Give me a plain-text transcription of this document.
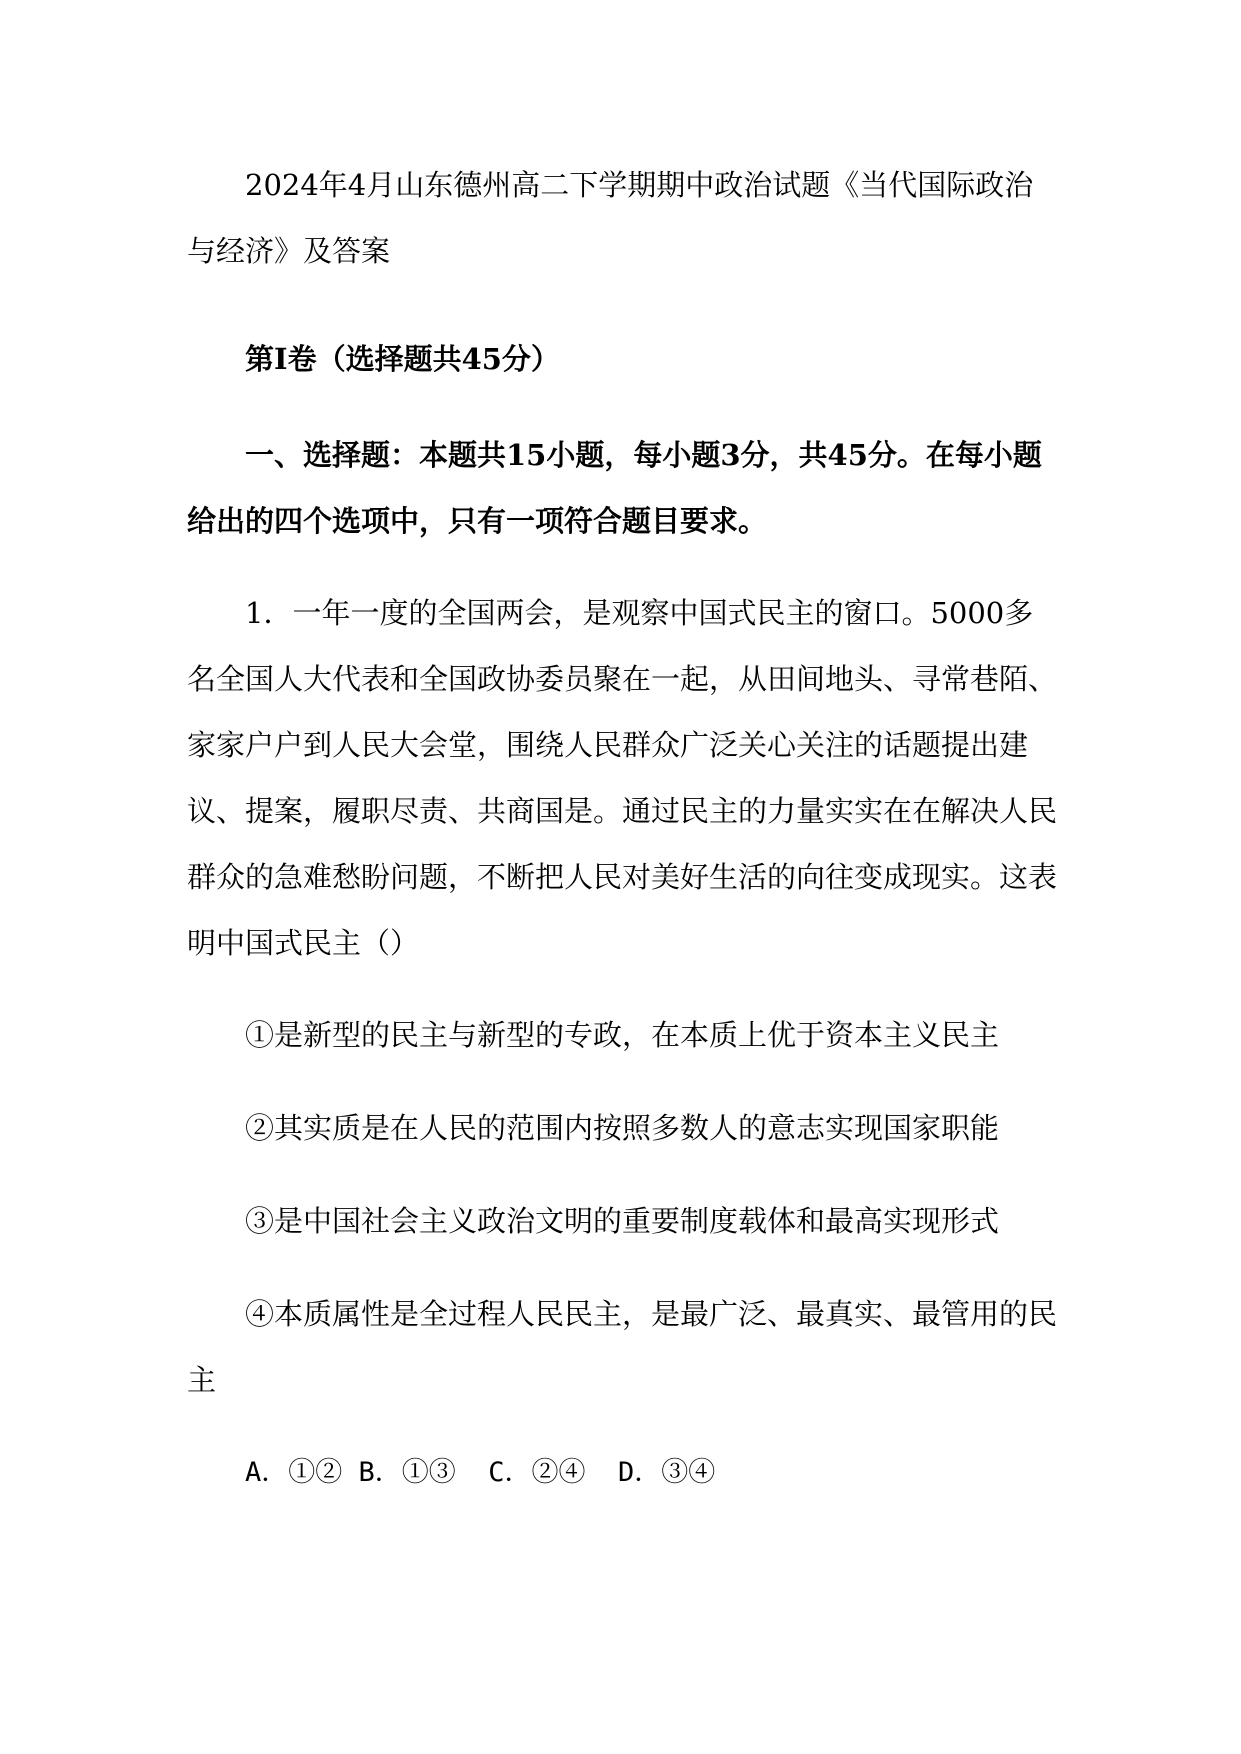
2024年4月山东德州高二下学期期中政治试题《当代国际政治与经济》及答案

第I卷（选择题共45分）

一、选择题：本题共15小题，每小题3分，共45分。在每小题给出的四个选项中，只有一项符合题目要求。

1．一年一度的全国两会，是观察中国式民主的窗口。5000多名全国人大代表和全国政协委员聚在一起，从田间地头、寻常巷陌、家家户户到人民大会堂，围绕人民群众广泛关心关注的话题提出建议、提案，履职尽责、共商国是。通过民主的力量实实在在解决人民群众的急难愁盼问题，不断把人民对美好生活的向往变成现实。这表明中国式民主（）

①是新型的民主与新型的专政，在本质上优于资本主义民主

②其实质是在人民的范围内按照多数人的意志实现国家职能

③是中国社会主义政治文明的重要制度载体和最高实现形式

④本质属性是全过程人民民主，是最广泛、最真实、最管用的民主

A．①② B．①③  C．②④  D．③④
